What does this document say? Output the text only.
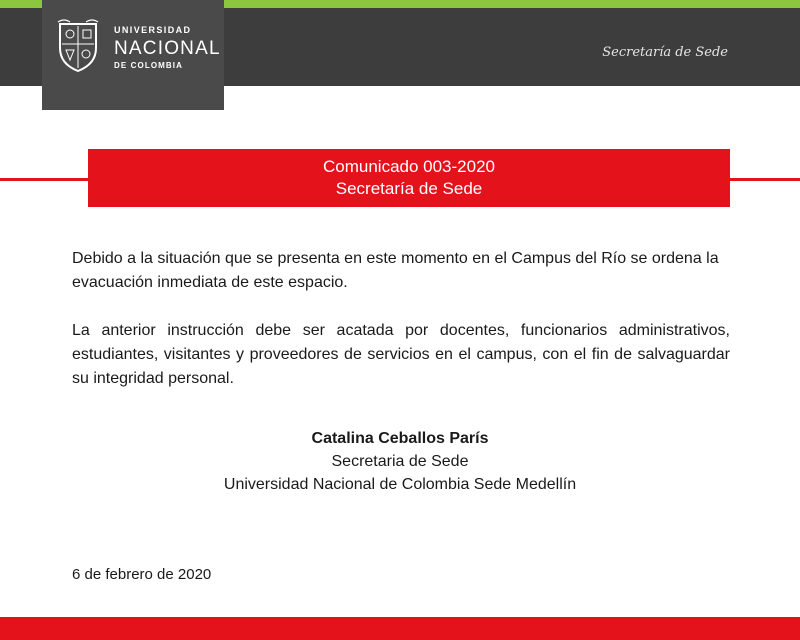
Secretaría de Sede
UNIVERSIDAD
NACIONAL
DE COLOMBIA
Comunicado 003-2020
Secretaría de Sede
Debido a la situación que se presenta en este momento en el Campus del Río se ordena la evacuación inmediata de este espacio.
La anterior instrucción debe ser acatada por docentes, funcionarios administrativos, estudiantes, visitantes y proveedores de servicios en el campus, con el fin de salvaguardar su integridad personal.
Catalina Ceballos París
Secretaria de Sede
Universidad Nacional de Colombia Sede Medellín
6 de febrero de 2020
